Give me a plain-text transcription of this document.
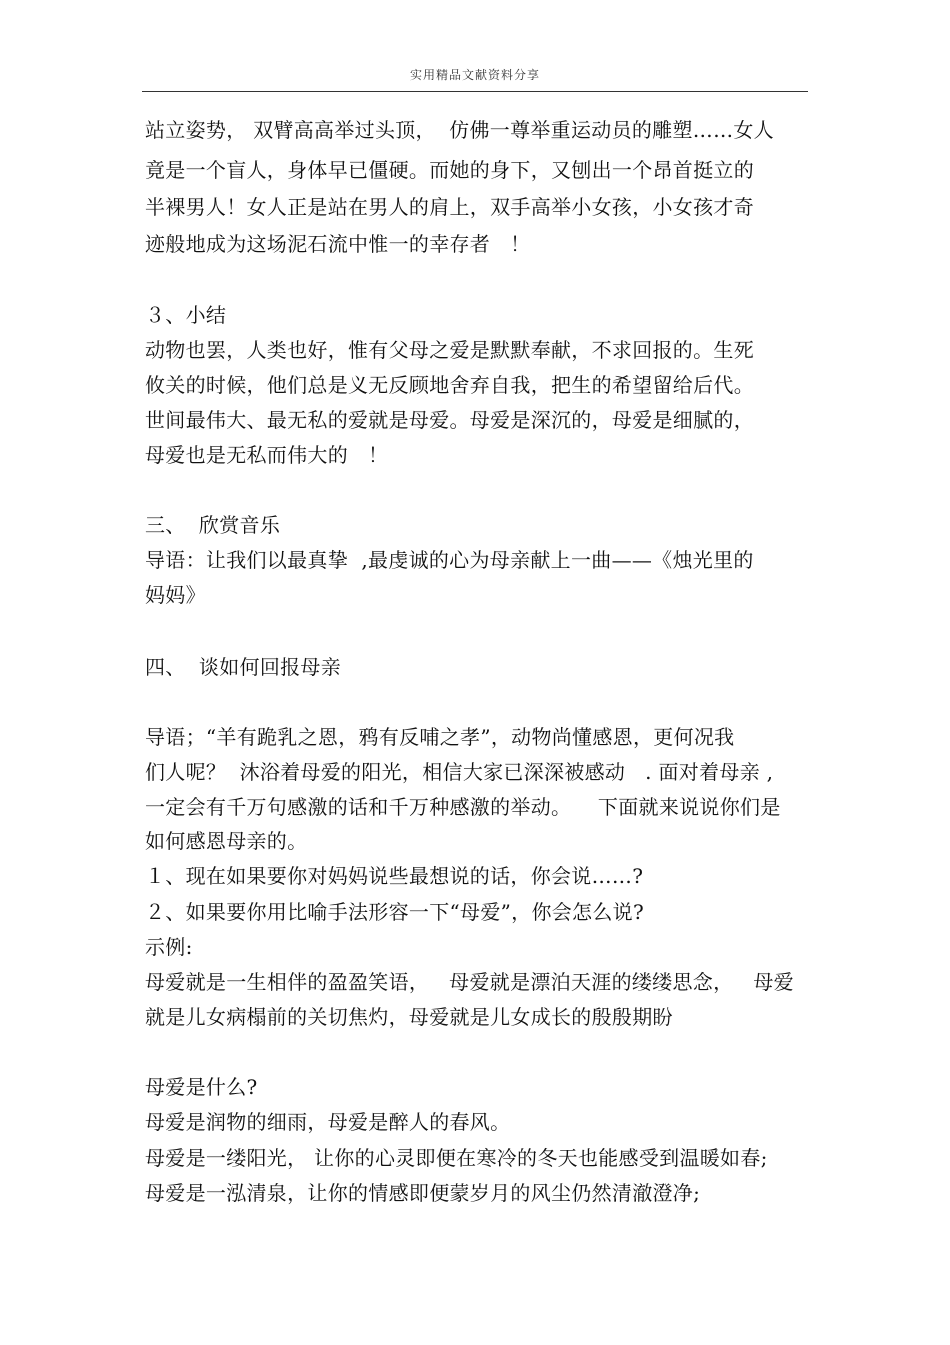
实用精品文献资料分享
站立姿势， 双臂高高举过头顶，  仿佛一尊举重运动员的雕塑……女人
竟是一个盲人，身体早已僵硬。而她的身下，又刨出一个昂首挺立的
半裸男人！女人正是站在男人的肩上，双手高举小女孩，小女孩才奇
迹般地成为这场泥石流中惟一的幸存者   ！
３、小结
动物也罢，人类也好，惟有父母之爱是默默奉献，不求回报的。生死
攸关的时候，他们总是义无反顾地舍弃自我，把生的希望留给后代。
世间最伟大、最无私的爱就是母爱。母爱是深沉的，母爱是细腻的，
母爱也是无私而伟大的   ！
三、  欣赏音乐
导语：让我们以最真挚  ,最虔诚的心为母亲献上一曲——《烛光里的
妈妈》
四、  谈如何回报母亲
导语；“羊有跪乳之恩，鸦有反哺之孝”，动物尚懂感恩，更何况我
们人呢？  沐浴着母爱的阳光，相信大家已深深被感动   . 面对着母亲 ,
一定会有千万句感激的话和千万种感激的举动。    下面就来说说你们是
如何感恩母亲的。
１、现在如果要你对妈妈说些最想说的话，你会说……?
２、如果要你用比喻手法形容一下“母爱”，你会怎么说?
示例:
母爱就是一生相伴的盈盈笑语，   母爱就是漂泊天涯的缕缕思念，   母爱
就是儿女病榻前的关切焦灼，母爱就是儿女成长的殷殷期盼
母爱是什么?
母爱是润物的细雨，母爱是醉人的春风。
母爱是一缕阳光， 让你的心灵即便在寒冷的冬天也能感受到温暖如春;
母爱是一泓清泉，让你的情感即便蒙岁月的风尘仍然清澈澄净;
